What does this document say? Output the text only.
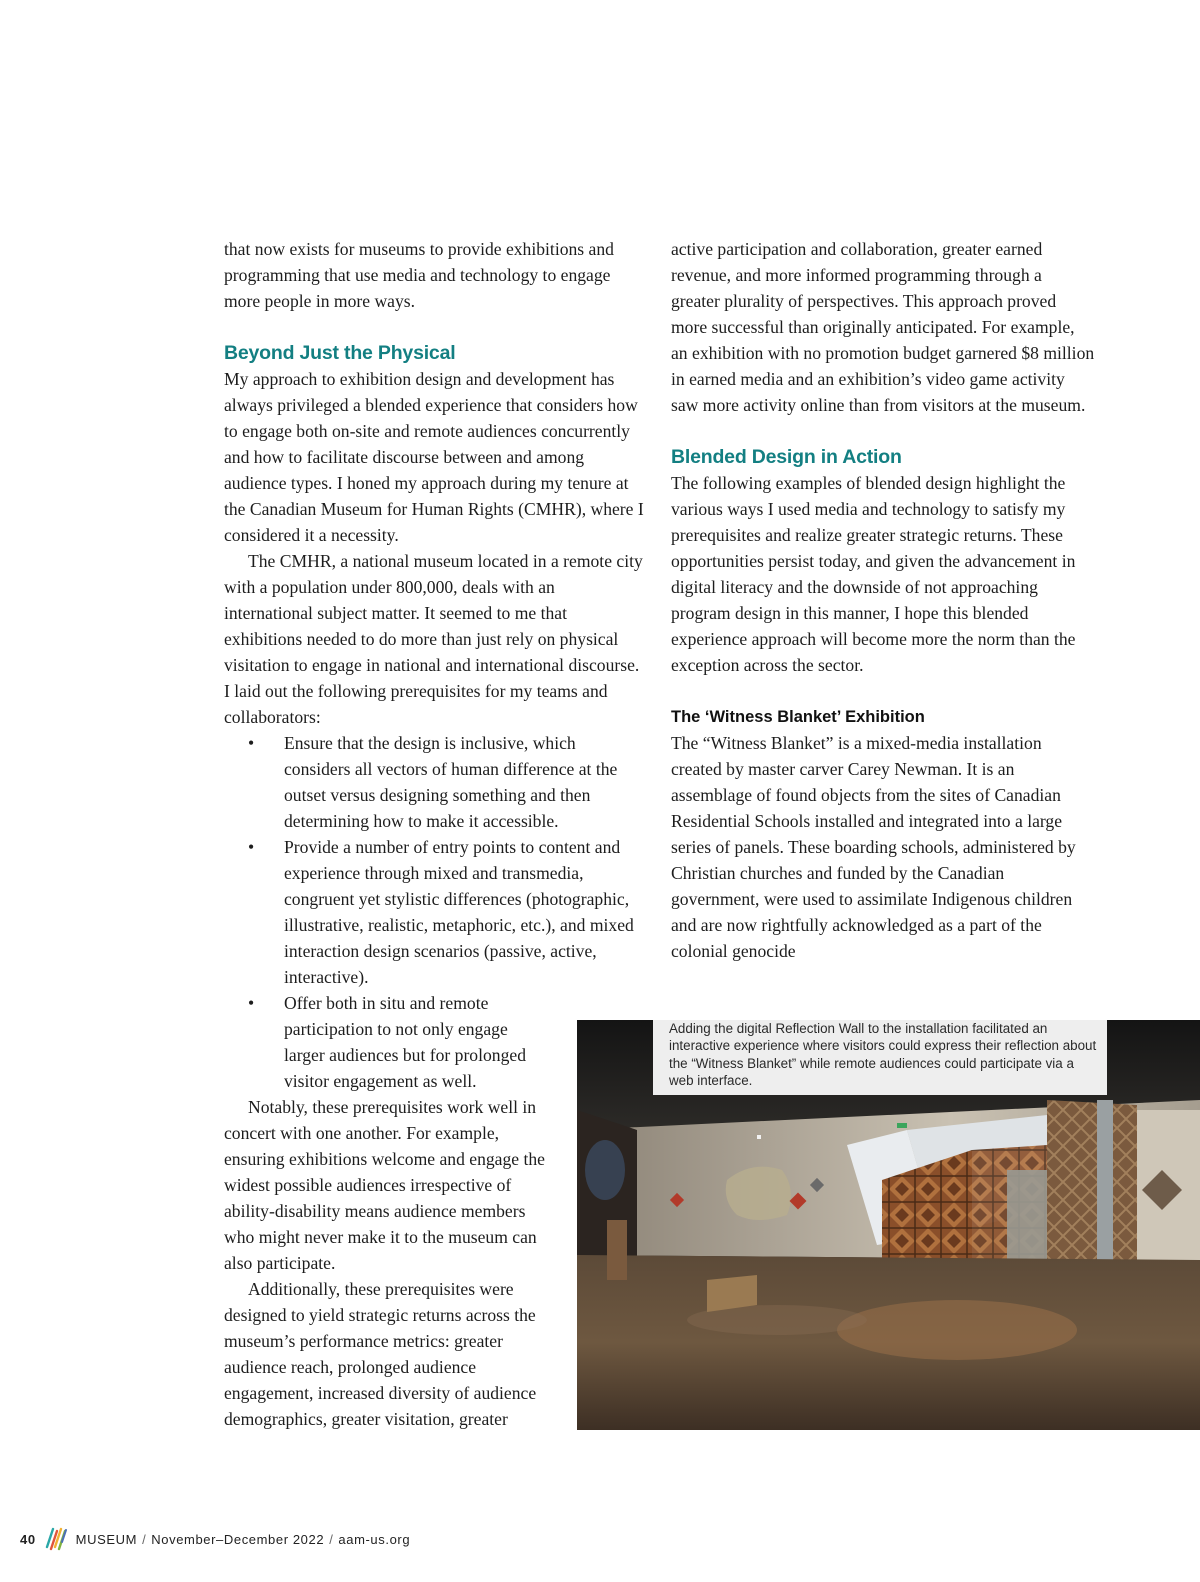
that now exists for museums to provide exhibitions and programming that use media and technology to engage more people in more ways.

Beyond Just the Physical

My approach to exhibition design and development has always privileged a blended experience that considers how to engage both on-site and remote audiences concurrently and how to facilitate discourse between and among audience types. I honed my approach during my tenure at the Canadian Museum for Human Rights (CMHR), where I considered it a necessity.

The CMHR, a national museum located in a remote city with a population under 800,000, deals with an international subject matter. It seemed to me that exhibitions needed to do more than just rely on physical visitation to engage in national and international discourse. I laid out the following prerequisites for my teams and collaborators:

• Ensure that the design is inclusive, which considers all vectors of human difference at the outset versus designing something and then determining how to make it accessible.
• Provide a number of entry points to content and experience through mixed and transmedia, congruent yet stylistic differences (photographic, illustrative, realistic, metaphoric, etc.), and mixed interaction design scenarios (passive, active, interactive).
• Offer both in situ and remote participation to not only engage larger audiences but for prolonged visitor engagement as well.

Notably, these prerequisites work well in concert with one another. For example, ensuring exhibitions welcome and engage the widest possible audiences irrespective of ability-disability means audience members who might never make it to the museum can also participate.

Additionally, these prerequisites were designed to yield strategic returns across the museum’s performance metrics: greater audience reach, prolonged audience engagement, increased diversity of audience demographics, greater visitation, greater

active participation and collaboration, greater earned revenue, and more informed programming through a greater plurality of perspectives. This approach proved more successful than originally anticipated. For example, an exhibition with no promotion budget garnered $8 million in earned media and an exhibition’s video game activity saw more activity online than from visitors at the museum.

Blended Design in Action

The following examples of blended design highlight the various ways I used media and technology to satisfy my prerequisites and realize greater strategic returns. These opportunities persist today, and given the advancement in digital literacy and the downside of not approaching program design in this manner, I hope this blended experience approach will become more the norm than the exception across the sector.

The ‘Witness Blanket’ Exhibition

The “Witness Blanket” is a mixed-media installation created by master carver Carey Newman. It is an assemblage of found objects from the sites of Canadian Residential Schools installed and integrated into a large series of panels. These boarding schools, administered by Christian churches and funded by the Canadian government, were used to assimilate Indigenous children and are now rightfully acknowledged as a part of the colonial genocide

Adding the digital Reflection Wall to the installation facilitated an interactive experience where visitors could express their reflection about the “Witness Blanket” while remote audiences could participate via a web interface.
40	MUSEUM / November–December 2022 / aam-us.org
